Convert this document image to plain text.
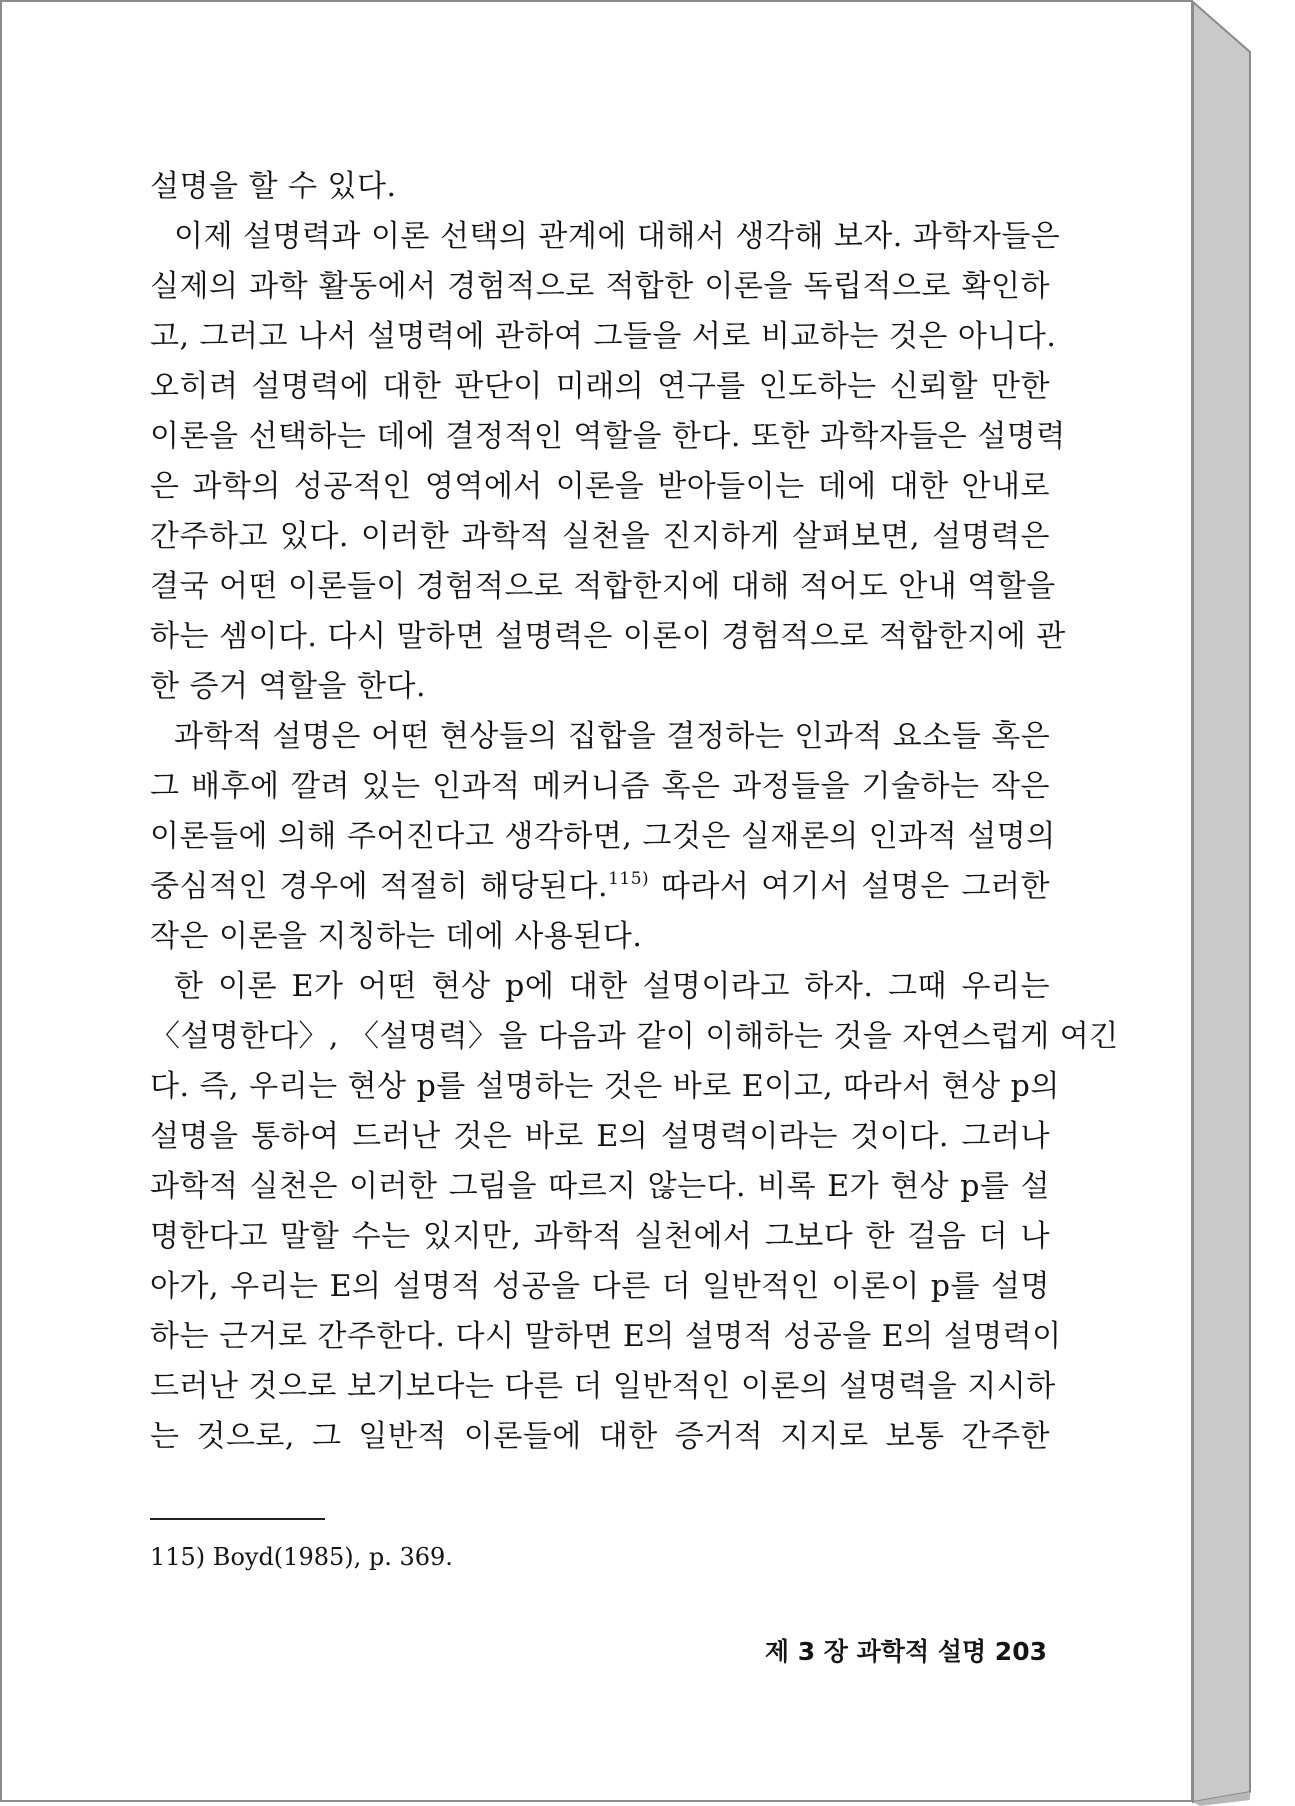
설명을 할 수 있다.
이제 설명력과 이론 선택의 관계에 대해서 생각해 보자. 과학자들은
실제의 과학 활동에서 경험적으로 적합한 이론을 독립적으로 확인하
고, 그러고 나서 설명력에 관하여 그들을 서로 비교하는 것은 아니다.
오히려 설명력에 대한 판단이 미래의 연구를 인도하는 신뢰할 만한
이론을 선택하는 데에 결정적인 역할을 한다. 또한 과학자들은 설명력
은 과학의 성공적인 영역에서 이론을 받아들이는 데에 대한 안내로
간주하고 있다. 이러한 과학적 실천을 진지하게 살펴보면, 설명력은
결국 어떤 이론들이 경험적으로 적합한지에 대해 적어도 안내 역할을
하는 셈이다. 다시 말하면 설명력은 이론이 경험적으로 적합한지에 관
한 증거 역할을 한다.
과학적 설명은 어떤 현상들의 집합을 결정하는 인과적 요소들 혹은
그 배후에 깔려 있는 인과적 메커니즘 혹은 과정들을 기술하는 작은
이론들에 의해 주어진다고 생각하면, 그것은 실재론의 인과적 설명의
중심적인 경우에 적절히 해당된다.$^{115)}$ 따라서 여기서 설명은 그러한
작은 이론을 지칭하는 데에 사용된다.
한 이론 E가 어떤 현상 p에 대한 설명이라고 하자. 그때 우리는
〈설명한다〉, 〈설명력〉을 다음과 같이 이해하는 것을 자연스럽게 여긴
다. 즉, 우리는 현상 p를 설명하는 것은 바로 E이고, 따라서 현상 p의
설명을 통하여 드러난 것은 바로 E의 설명력이라는 것이다. 그러나
과학적 실천은 이러한 그림을 따르지 않는다. 비록 E가 현상 p를 설
명한다고 말할 수는 있지만, 과학적 실천에서 그보다 한 걸음 더 나
아가, 우리는 E의 설명적 성공을 다른 더 일반적인 이론이 p를 설명
하는 근거로 간주한다. 다시 말하면 E의 설명적 성공을 E의 설명력이
드러난 것으로 보기보다는 다른 더 일반적인 이론의 설명력을 지시하
는 것으로, 그 일반적 이론들에 대한 증거적 지지로 보통 간주한
115) Boyd(1985), p. 369.
제 3 장 과학적 설명 203
